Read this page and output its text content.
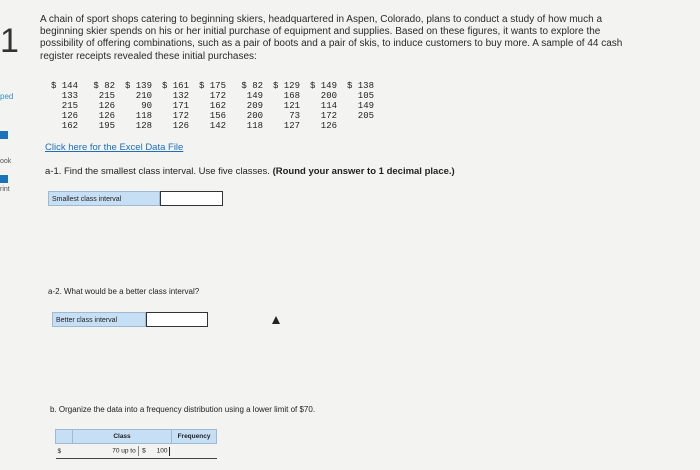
1
ped
ook
rint
A chain of sport shops catering to beginning skiers, headquartered in Aspen, Colorado, plans to conduct a study of how much a beginning skier spends on his or her initial purchase of equipment and supplies. Based on these figures, it wants to explore the possibility of offering combinations, such as a pair of boots and a pair of skis, to induce customers to buy more. A sample of 44 cash register receipts revealed these initial purchases:
$ 144	$ 82	$ 139	$ 161	$ 175	$ 82	$ 129	$ 149	$ 138
133	215	210	132	172	149	168	200	105
215	126	90	171	162	209	121	114	149
126	126	118	172	156	200	73	172	205
162	195	128	126	142	118	127	126	
Click here for the Excel Data File
a-1. Find the smallest class interval. Use five classes. (Round your answer to 1 decimal place.)
Smallest class interval
a-2. What would be a better class interval?
Better class interval
b. Organize the data into a frequency distribution using a lower limit of $70.
	Class	Frequency
$	70 up to $ 100	
